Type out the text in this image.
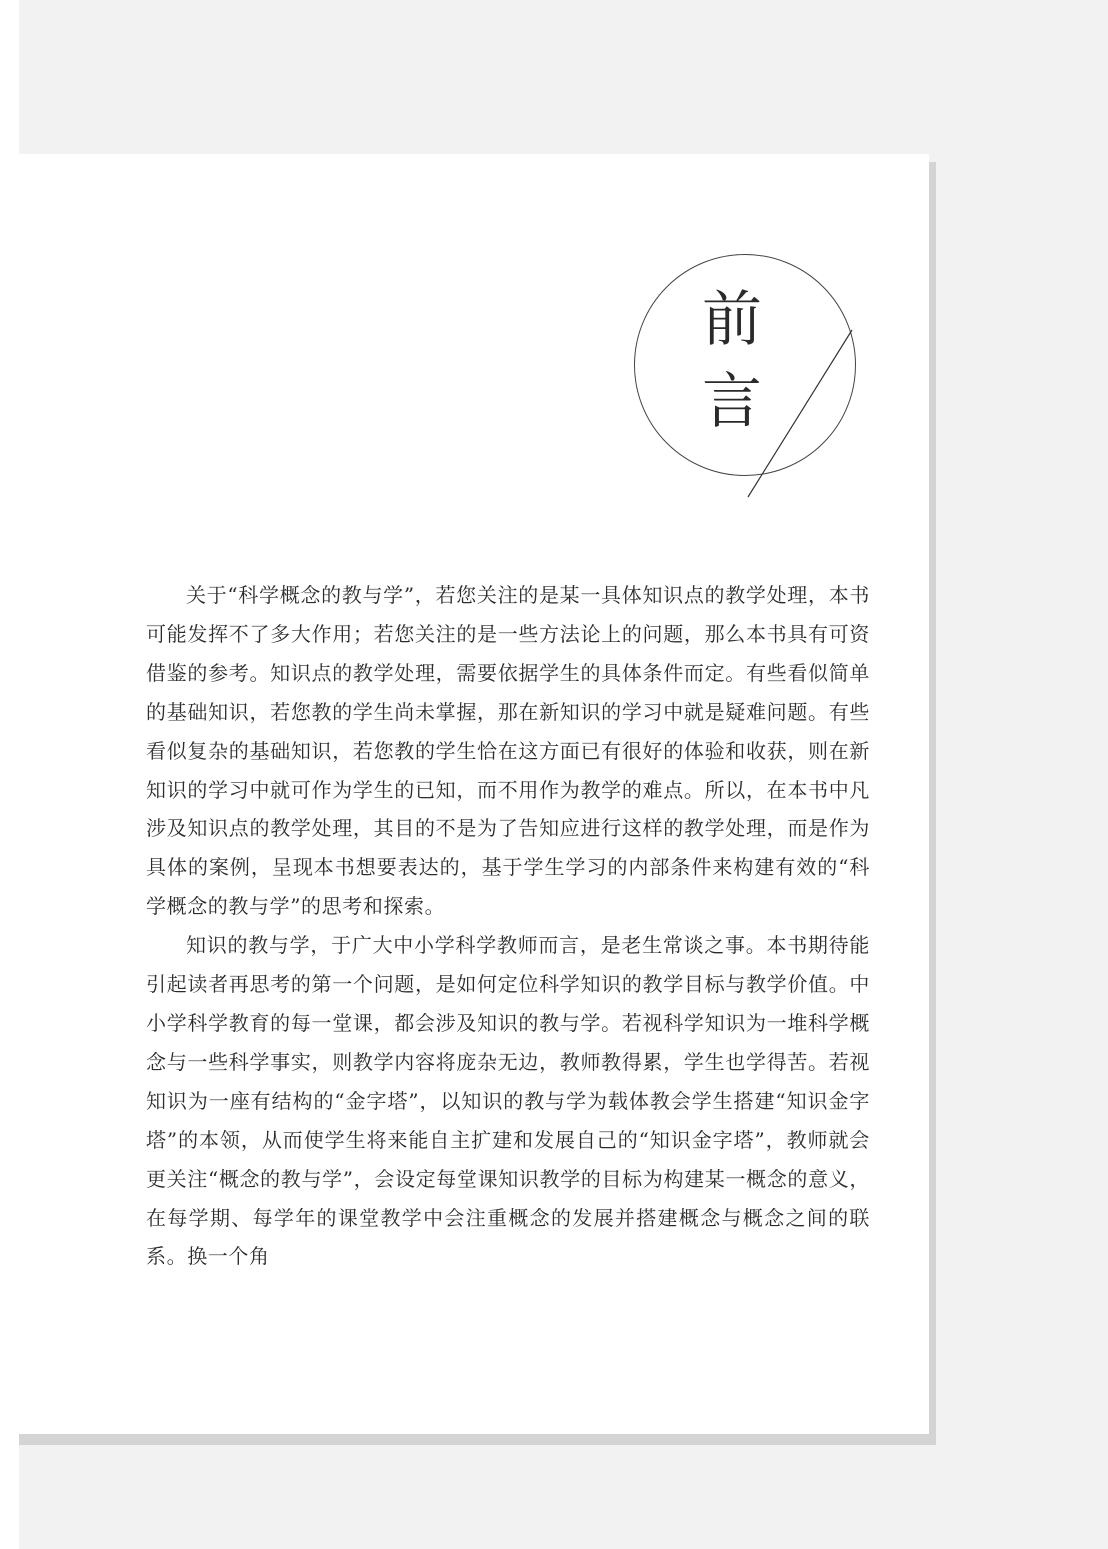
前
言

关于“科学概念的教与学”，若您关注的是某一具体知识点的教学处理，本书可能发挥不了多大作用；若您关注的是一些方法论上的问题，那么本书具有可资借鉴的参考。知识点的教学处理，需要依据学生的具体条件而定。有些看似简单的基础知识，若您教的学生尚未掌握，那在新知识的学习中就是疑难问题。有些看似复杂的基础知识，若您教的学生恰在这方面已有很好的体验和收获，则在新知识的学习中就可作为学生的已知，而不用作为教学的难点。所以，在本书中凡涉及知识点的教学处理，其目的不是为了告知应进行这样的教学处理，而是作为具体的案例，呈现本书想要表达的，基于学生学习的内部条件来构建有效的“科学概念的教与学”的思考和探索。

知识的教与学，于广大中小学科学教师而言，是老生常谈之事。本书期待能引起读者再思考的第一个问题，是如何定位科学知识的教学目标与教学价值。中小学科学教育的每一堂课，都会涉及知识的教与学。若视科学知识为一堆科学概念与一些科学事实，则教学内容将庞杂无边，教师教得累，学生也学得苦。若视知识为一座有结构的“金字塔”，以知识的教与学为载体教会学生搭建“知识金字塔”的本领，从而使学生将来能自主扩建和发展自己的“知识金字塔”，教师就会更关注“概念的教与学”，会设定每堂课知识教学的目标为构建某一概念的意义，在每学期、每学年的课堂教学中会注重概念的发展并搭建概念与概念之间的联系。换一个角
